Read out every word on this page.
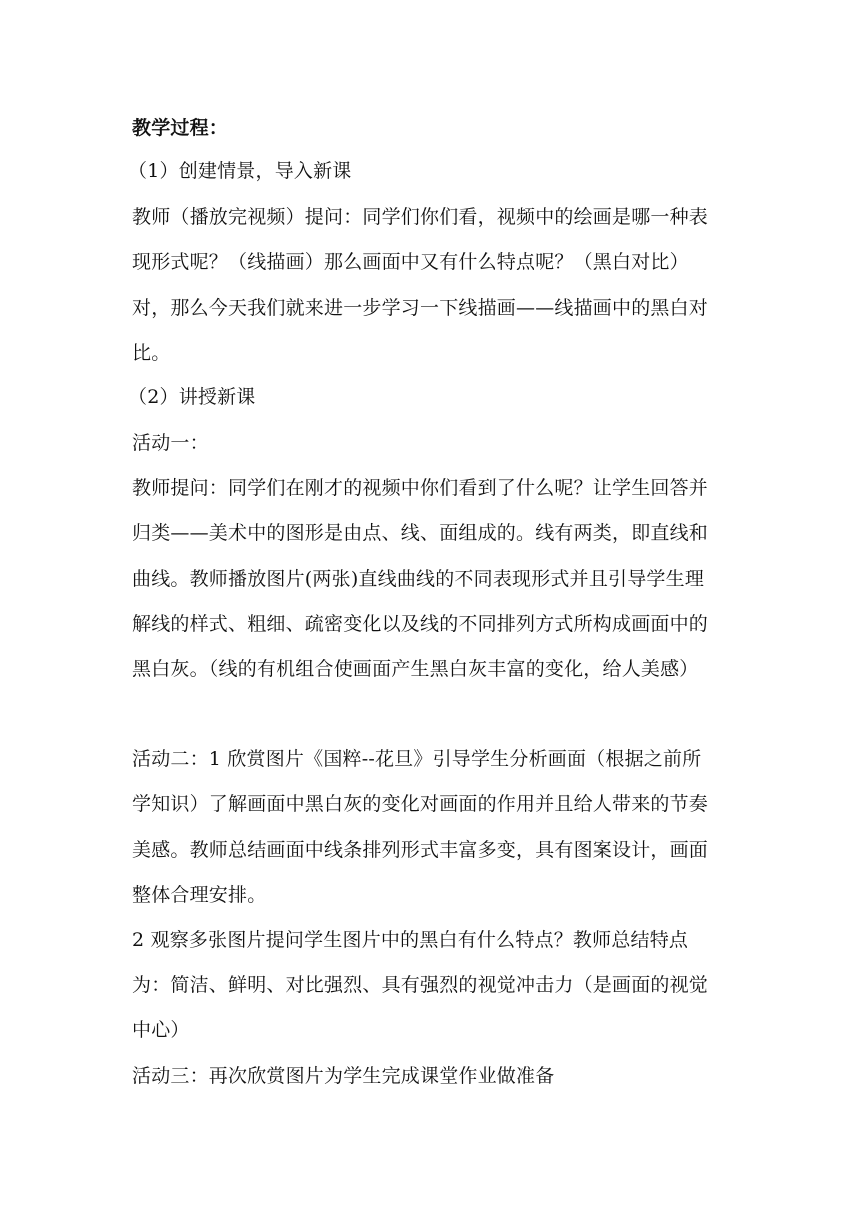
教学过程：

（1）创建情景，导入新课

教师（播放完视频）提问：同学们你们看，视频中的绘画是哪一种表

现形式呢？（线描画）那么画面中又有什么特点呢？（黑白对比）

对，那么今天我们就来进一步学习一下线描画——线描画中的黑白对

比。

（2）讲授新课

活动一：

教师提问：同学们在刚才的视频中你们看到了什么呢？让学生回答并

归类——美术中的图形是由点、线、面组成的。线有两类，即直线和

曲线。教师播放图片(两张)直线曲线的不同表现形式并且引导学生理

解线的样式、粗细、疏密变化以及线的不同排列方式所构成画面中的

黑白灰。（线的有机组合使画面产生黑白灰丰富的变化，给人美感）

活动二：1 欣赏图片《国粹--花旦》引导学生分析画面（根据之前所

学知识）了解画面中黑白灰的变化对画面的作用并且给人带来的节奏

美感。教师总结画面中线条排列形式丰富多变，具有图案设计，画面

整体合理安排。

2 观察多张图片提问学生图片中的黑白有什么特点？教师总结特点

为：简洁、鲜明、对比强烈、具有强烈的视觉冲击力（是画面的视觉

中心）

活动三：再次欣赏图片为学生完成课堂作业做准备
